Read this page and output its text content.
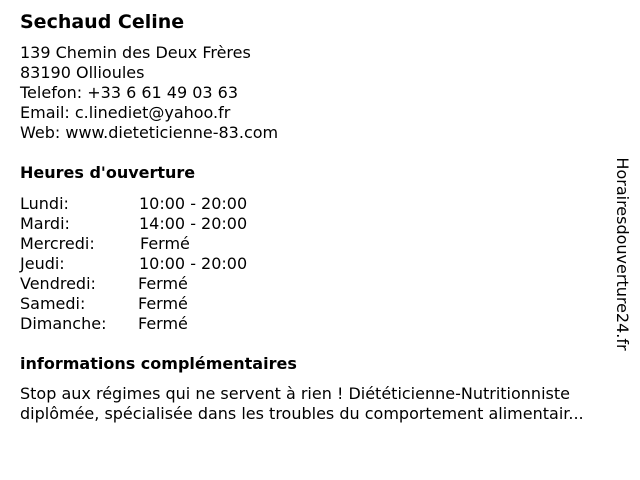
Sechaud Celine
139 Chemin des Deux Frères
83190 Ollioules
Telefon: +33 6 61 49 03 63
Email: c.linediet@yahoo.fr
Web: www.dieteticienne-83.com
Heures d'ouverture
Lundi:	10:00 - 20:00
Mardi:	14:00 - 20:00
Mercredi:	Fermé
Jeudi:	10:00 - 20:00
Vendredi:	Fermé
Samedi:	Fermé
Dimanche: Fermé
informations complémentaires
Stop aux régimes qui ne servent à rien ! Diététicienne-Nutritionniste
diplômée, spécialisée dans les troubles du comportement alimentair...
Horairesdouverture24.fr
